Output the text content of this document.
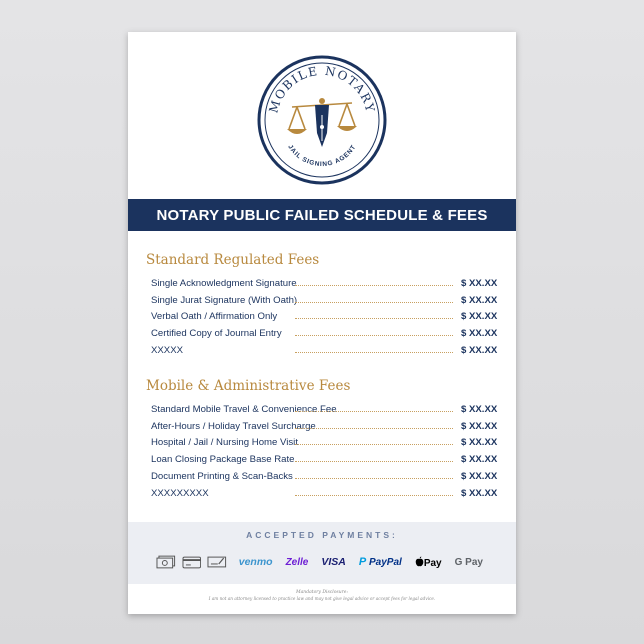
MOBILE NOTARY
JAIL SIGNING AGENT
NOTARY PUBLIC FAILED SCHEDULE & FEES
Standard Regulated Fees
Single Acknowledgment Signature	$ XX.XX
Single Jurat Signature (With Oath)	$ XX.XX
Verbal Oath / Affirmation Only	$ XX.XX
Certified Copy of Journal Entry	$ XX.XX
XXXXX	$ XX.XX
Mobile & Administrative Fees
Standard Mobile Travel & Convenience Fee	$ XX.XX
After-Hours / Holiday Travel Surcharge	$ XX.XX
Hospital / Jail / Nursing Home Visit	$ XX.XX
Loan Closing Package Base Rate	$ XX.XX
Document Printing & Scan-Backs	$ XX.XX
XXXXXXXXX	$ XX.XX
ACCEPTED PAYMENTS:
venmo Zelle VISA P PayPal	Pay G Pay
Mandatory Disclosure:
I am not an attorney licensed to practice law and may not give legal advice or accept fees for legal advice.
